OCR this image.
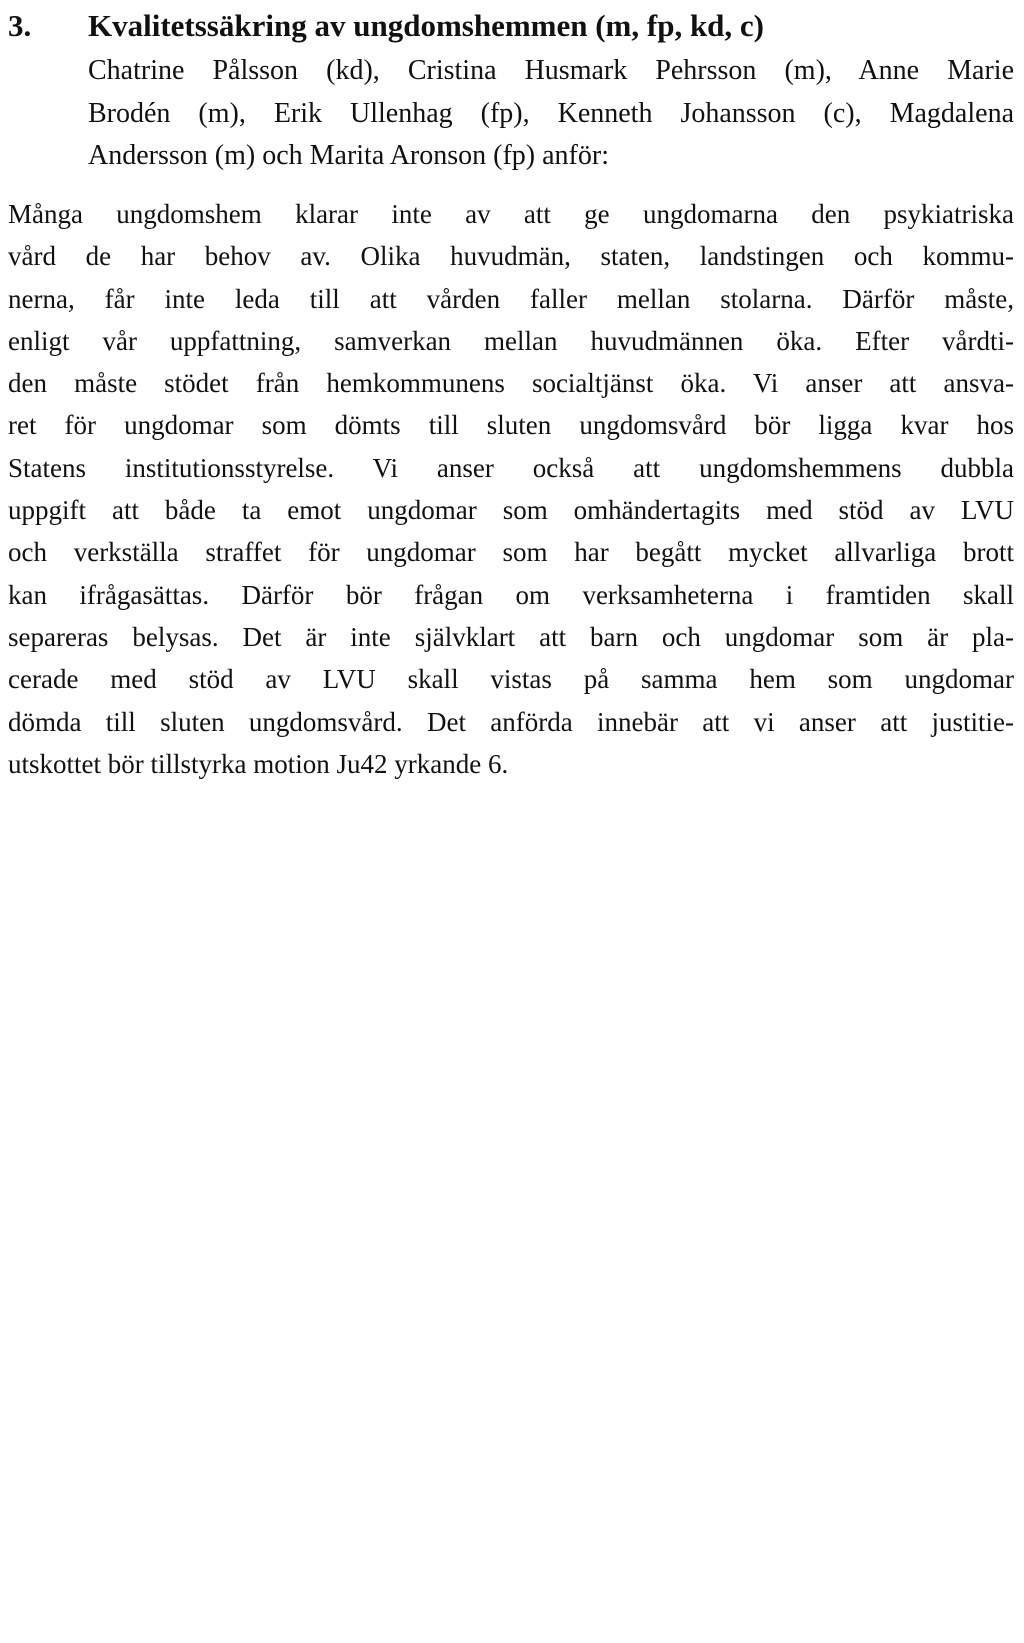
3. Kvalitetssäkring av ungdomshemmen (m, fp, kd, c)
Chatrine Pålsson (kd), Cristina Husmark Pehrsson (m), Anne Marie
Brodén (m), Erik Ullenhag (fp), Kenneth Johansson (c), Magdalena
Andersson (m) och Marita Aronson (fp) anför:
Många ungdomshem klarar inte av att ge ungdomarna den psykiatriska
vård de har behov av. Olika huvudmän, staten, landstingen och kommu-
nerna, får inte leda till att vården faller mellan stolarna. Därför måste,
enligt vår uppfattning, samverkan mellan huvudmännen öka. Efter vårdti-
den måste stödet från hemkommunens socialtjänst öka. Vi anser att ansva-
ret för ungdomar som dömts till sluten ungdomsvård bör ligga kvar hos
Statens institutionsstyrelse. Vi anser också att ungdomshemmens dubbla
uppgift att både ta emot ungdomar som omhändertagits med stöd av LVU
och verkställa straffet för ungdomar som har begått mycket allvarliga brott
kan ifrågasättas. Därför bör frågan om verksamheterna i framtiden skall
separeras belysas. Det är inte självklart att barn och ungdomar som är pla-
cerade med stöd av LVU skall vistas på samma hem som ungdomar
dömda till sluten ungdomsvård. Det anförda innebär att vi anser att justitie-
utskottet bör tillstyrka motion Ju42 yrkande 6.
